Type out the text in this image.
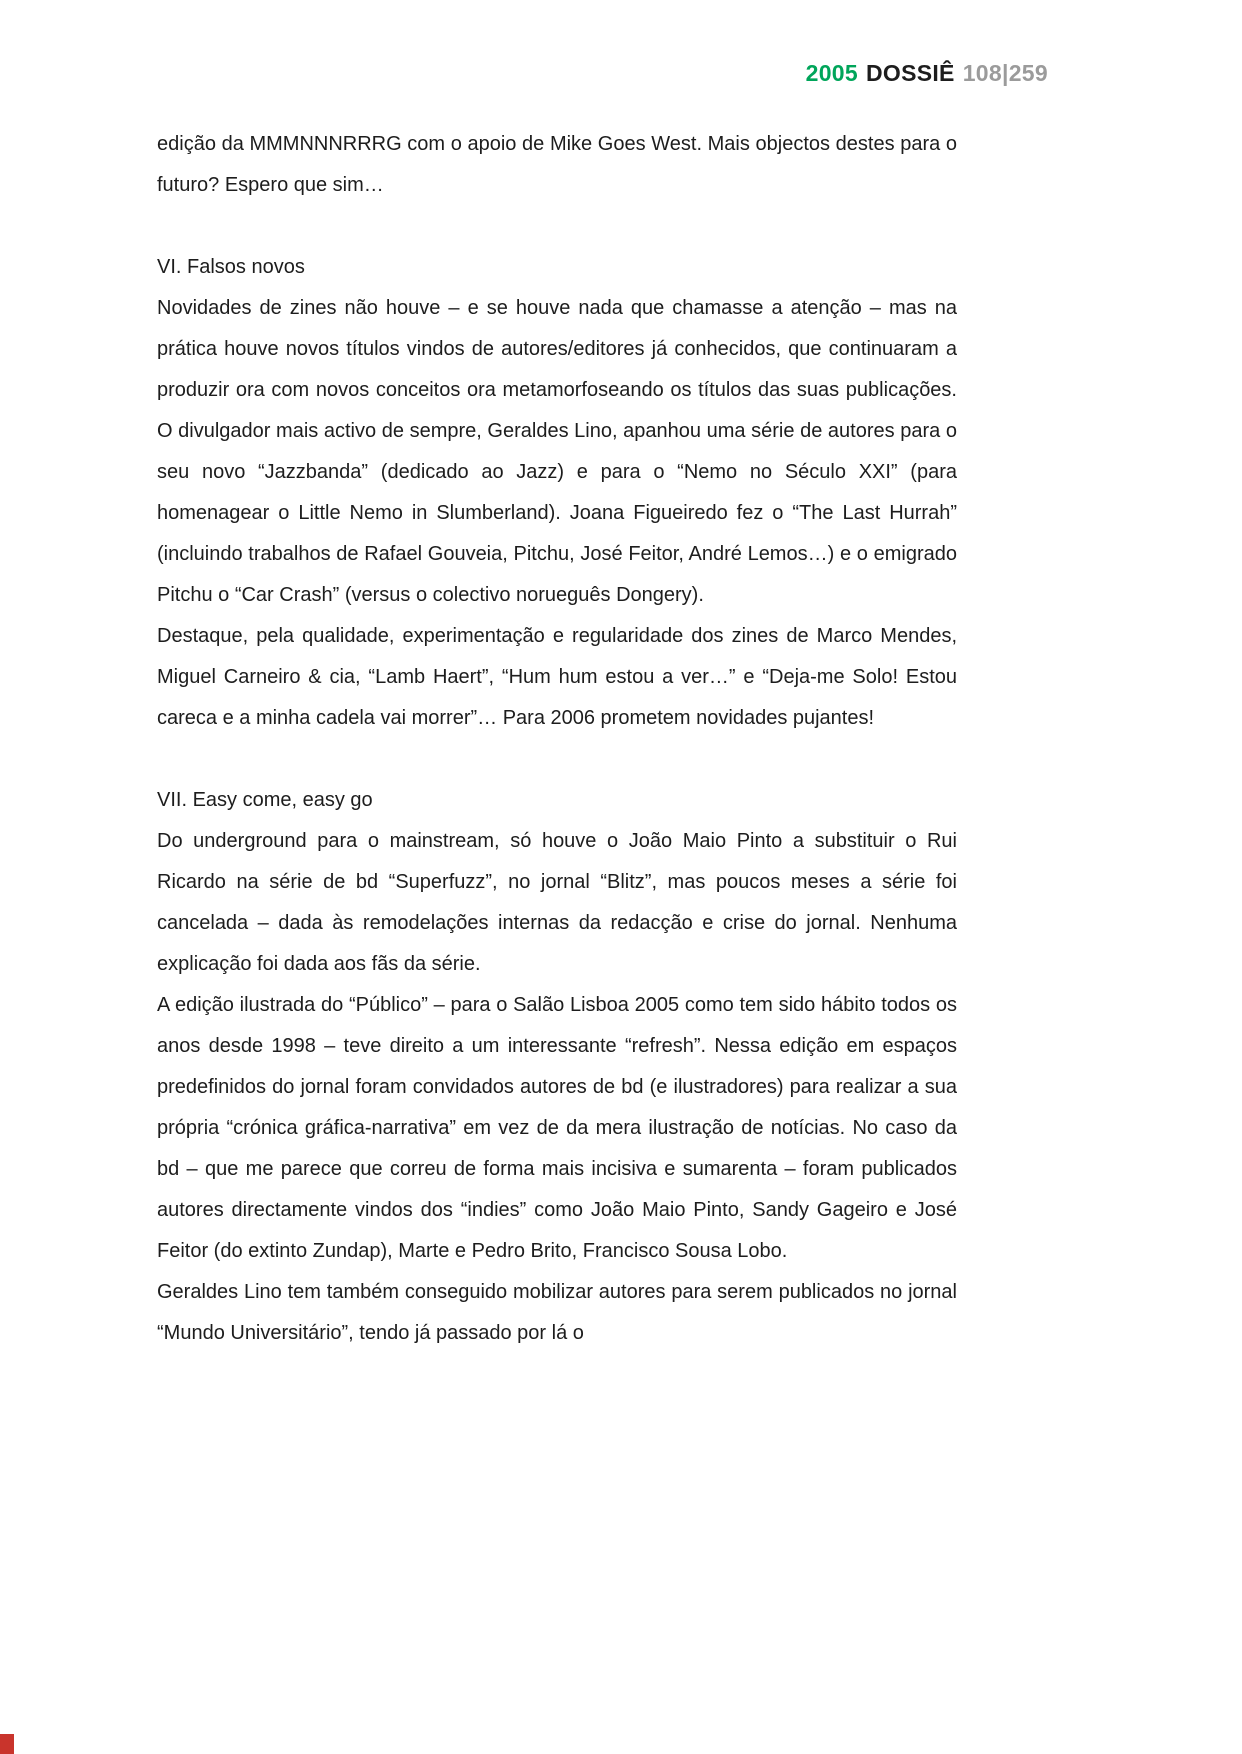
2005 DOSSIÊ 108|259

edição da MMMNNNRRRG com o apoio de Mike Goes West. Mais objectos destes para o futuro? Espero que sim…

VI. Falsos novos

Novidades de zines não houve – e se houve nada que chamasse a atenção – mas na prática houve novos títulos vindos de autores/editores já conhecidos, que continuaram a produzir ora com novos conceitos ora metamorfoseando os títulos das suas publicações. O divulgador mais activo de sempre, Geraldes Lino, apanhou uma série de autores para o seu novo “Jazzbanda” (dedicado ao Jazz) e para o “Nemo no Século XXI” (para homenagear o Little Nemo in Slumberland). Joana Figueiredo fez o “The Last Hurrah” (incluindo trabalhos de Rafael Gouveia, Pitchu, José Feitor, André Lemos…) e o emigrado Pitchu o “Car Crash” (versus o colectivo norueguês Dongery).

Destaque, pela qualidade, experimentação e regularidade dos zines de Marco Mendes, Miguel Carneiro & cia, “Lamb Haert”, “Hum hum estou a ver…” e “Deja-me Solo! Estou careca e a minha cadela vai morrer”… Para 2006 prometem novidades pujantes!

VII. Easy come, easy go

Do underground para o mainstream, só houve o João Maio Pinto a substituir o Rui Ricardo na série de bd “Superfuzz”, no jornal “Blitz”, mas poucos meses a série foi cancelada – dada às remodelações internas da redacção e crise do jornal. Nenhuma explicação foi dada aos fãs da série.

A edição ilustrada do “Público” – para o Salão Lisboa 2005 como tem sido hábito todos os anos desde 1998 – teve direito a um interessante “refresh”. Nessa edição em espaços predefinidos do jornal foram convidados autores de bd (e ilustradores) para realizar a sua própria “crónica gráfica-narrativa” em vez de da mera ilustração de notícias. No caso da bd – que me parece que correu de forma mais incisiva e sumarenta – foram publicados autores directamente vindos dos “indies” como João Maio Pinto, Sandy Gageiro e José Feitor (do extinto Zundap), Marte e Pedro Brito, Francisco Sousa Lobo.

Geraldes Lino tem também conseguido mobilizar autores para serem publicados no jornal “Mundo Universitário”, tendo já passado por lá o
